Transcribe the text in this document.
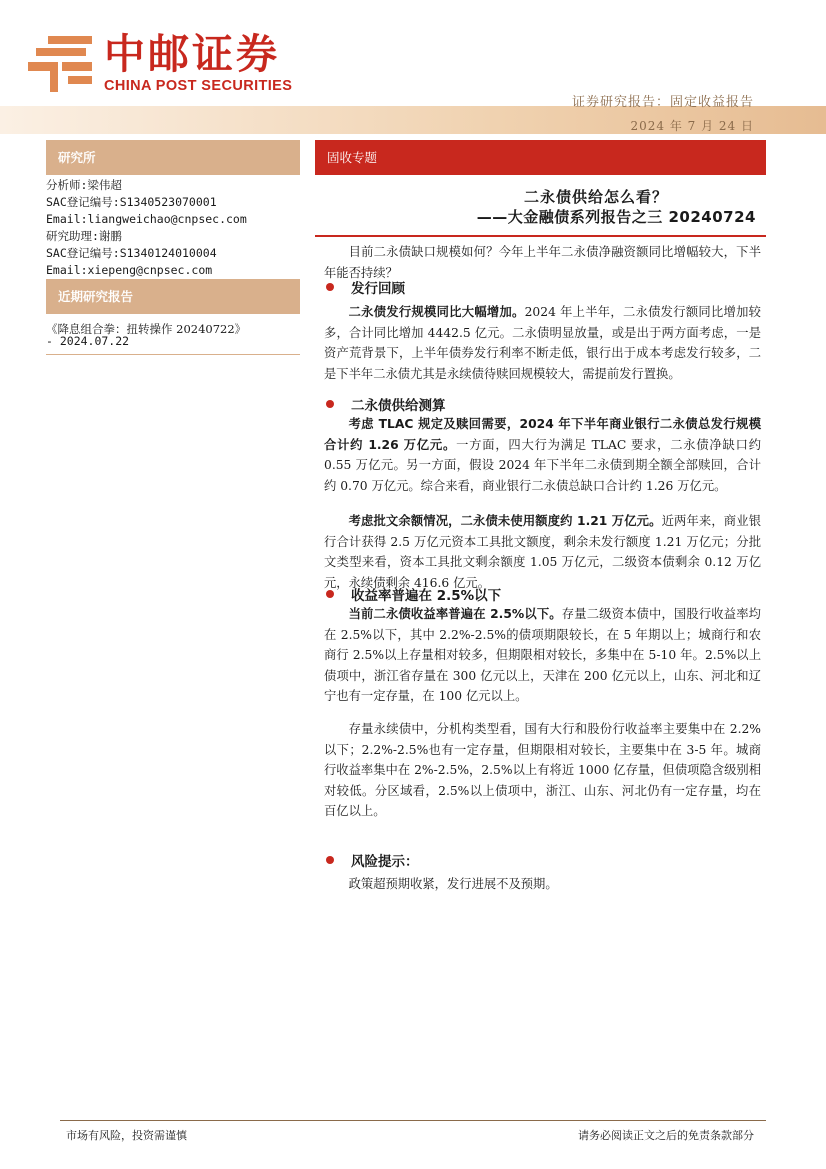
中邮证券
CHINA POST SECURITIES
证券研究报告：固定收益报告
2024 年 7 月 24 日
研究所
分析师:梁伟超
SAC登记编号:S1340523070001
Email:liangweichao@cnpsec.com
研究助理:谢鹏
SAC登记编号:S1340124010004
Email:xiepeng@cnpsec.com
近期研究报告
《降息组合拳：扭转操作 20240722》
- 2024.07.22
固收专题
二永债供给怎么看？
——大金融债系列报告之三 20240724
目前二永债缺口规模如何？今年上半年二永债净融资额同比增幅较大，下半年能否持续？
发行回顾
二永债发行规模同比大幅增加。2024 年上半年，二永债发行额同比增加较多，合计同比增加 4442.5 亿元。二永债明显放量，或是出于两方面考虑，一是资产荒背景下，上半年债券发行利率不断走低，银行出于成本考虑发行较多，二是下半年二永债尤其是永续债待赎回规模较大，需提前发行置换。
二永债供给测算
考虑 TLAC 规定及赎回需要，2024 年下半年商业银行二永债总发行规模合计约 1.26 万亿元。一方面，四大行为满足 TLAC 要求，二永债净缺口约 0.55 万亿元。另一方面，假设 2024 年下半年二永债到期全额全部赎回，合计约 0.70 万亿元。综合来看，商业银行二永债总缺口合计约 1.26 万亿元。
考虑批文余额情况，二永债未使用额度约 1.21 万亿元。近两年来，商业银行合计获得 2.5 万亿元资本工具批文额度，剩余未发行额度 1.21 万亿元；分批文类型来看，资本工具批文剩余额度 1.05 万亿元，二级资本债剩余 0.12 万亿元，永续债剩余 416.6 亿元。
收益率普遍在 2.5%以下
当前二永债收益率普遍在 2.5%以下。存量二级资本债中，国股行收益率均在 2.5%以下，其中 2.2%-2.5%的债项期限较长，在 5 年期以上；城商行和农商行 2.5%以上存量相对较多，但期限相对较长，多集中在 5-10 年。2.5%以上债项中，浙江省存量在 300 亿元以上，天津在 200 亿元以上，山东、河北和辽宁也有一定存量，在 100 亿元以上。
存量永续债中，分机构类型看，国有大行和股份行收益率主要集中在 2.2%以下；2.2%-2.5%也有一定存量，但期限相对较长，主要集中在 3-5 年。城商行收益率集中在 2%-2.5%，2.5%以上有将近 1000 亿存量，但债项隐含级别相对较低。分区域看，2.5%以上债项中，浙江、山东、河北仍有一定存量，均在百亿以上。
风险提示：
政策超预期收紧，发行进展不及预期。
市场有风险，投资需谨慎	请务必阅读正文之后的免责条款部分
